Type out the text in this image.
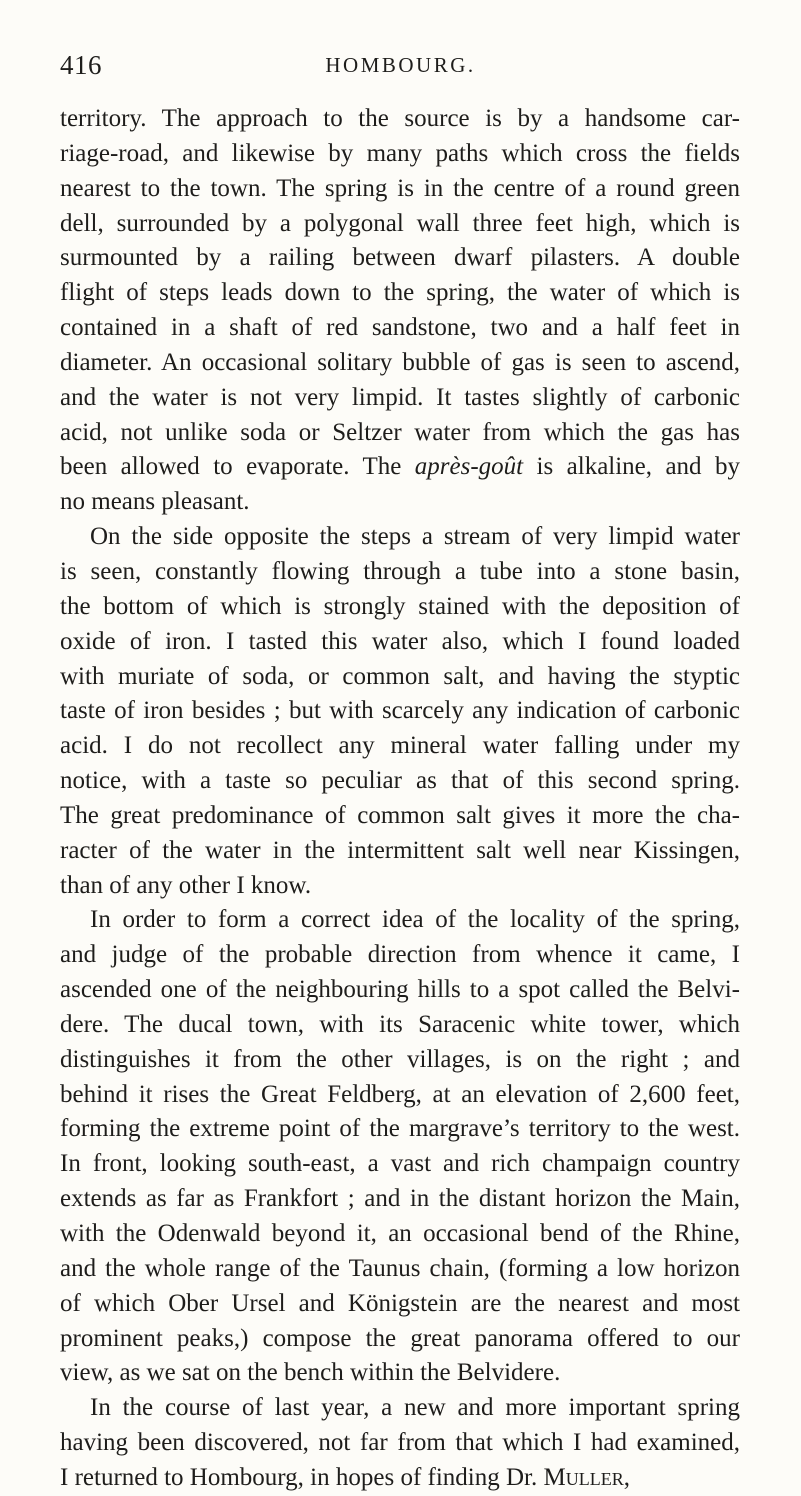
416	HOMBOURG.
territory. The approach to the source is by a handsome car-
riage-road, and likewise by many paths which cross the fields
nearest to the town. The spring is in the centre of a round green
dell, surrounded by a polygonal wall three feet high, which is
surmounted by a railing between dwarf pilasters. A double
flight of steps leads down to the spring, the water of which is
contained in a shaft of red sandstone, two and a half feet in
diameter. An occasional solitary bubble of gas is seen to ascend,
and the water is not very limpid. It tastes slightly of carbonic
acid, not unlike soda or Seltzer water from which the gas has
been allowed to evaporate. The après-goût is alkaline, and by
no means pleasant.
On the side opposite the steps a stream of very limpid water
is seen, constantly flowing through a tube into a stone basin,
the bottom of which is strongly stained with the deposition of
oxide of iron. I tasted this water also, which I found loaded
with muriate of soda, or common salt, and having the styptic
taste of iron besides ; but with scarcely any indication of carbonic
acid. I do not recollect any mineral water falling under my
notice, with a taste so peculiar as that of this second spring.
The great predominance of common salt gives it more the cha-
racter of the water in the intermittent salt well near Kissingen,
than of any other I know.
In order to form a correct idea of the locality of the spring,
and judge of the probable direction from whence it came, I
ascended one of the neighbouring hills to a spot called the Belvi-
dere. The ducal town, with its Saracenic white tower, which
distinguishes it from the other villages, is on the right ; and
behind it rises the Great Feldberg, at an elevation of 2,600 feet,
forming the extreme point of the margrave’s territory to the west.
In front, looking south-east, a vast and rich champaign country
extends as far as Frankfort ; and in the distant horizon the Main,
with the Odenwald beyond it, an occasional bend of the Rhine,
and the whole range of the Taunus chain, (forming a low horizon
of which Ober Ursel and Königstein are the nearest and most
prominent peaks,) compose the great panorama offered to our
view, as we sat on the bench within the Belvidere.
In the course of last year, a new and more important spring
having been discovered, not far from that which I had examined,
I returned to Hombourg, in hopes of finding Dr. Muller,
